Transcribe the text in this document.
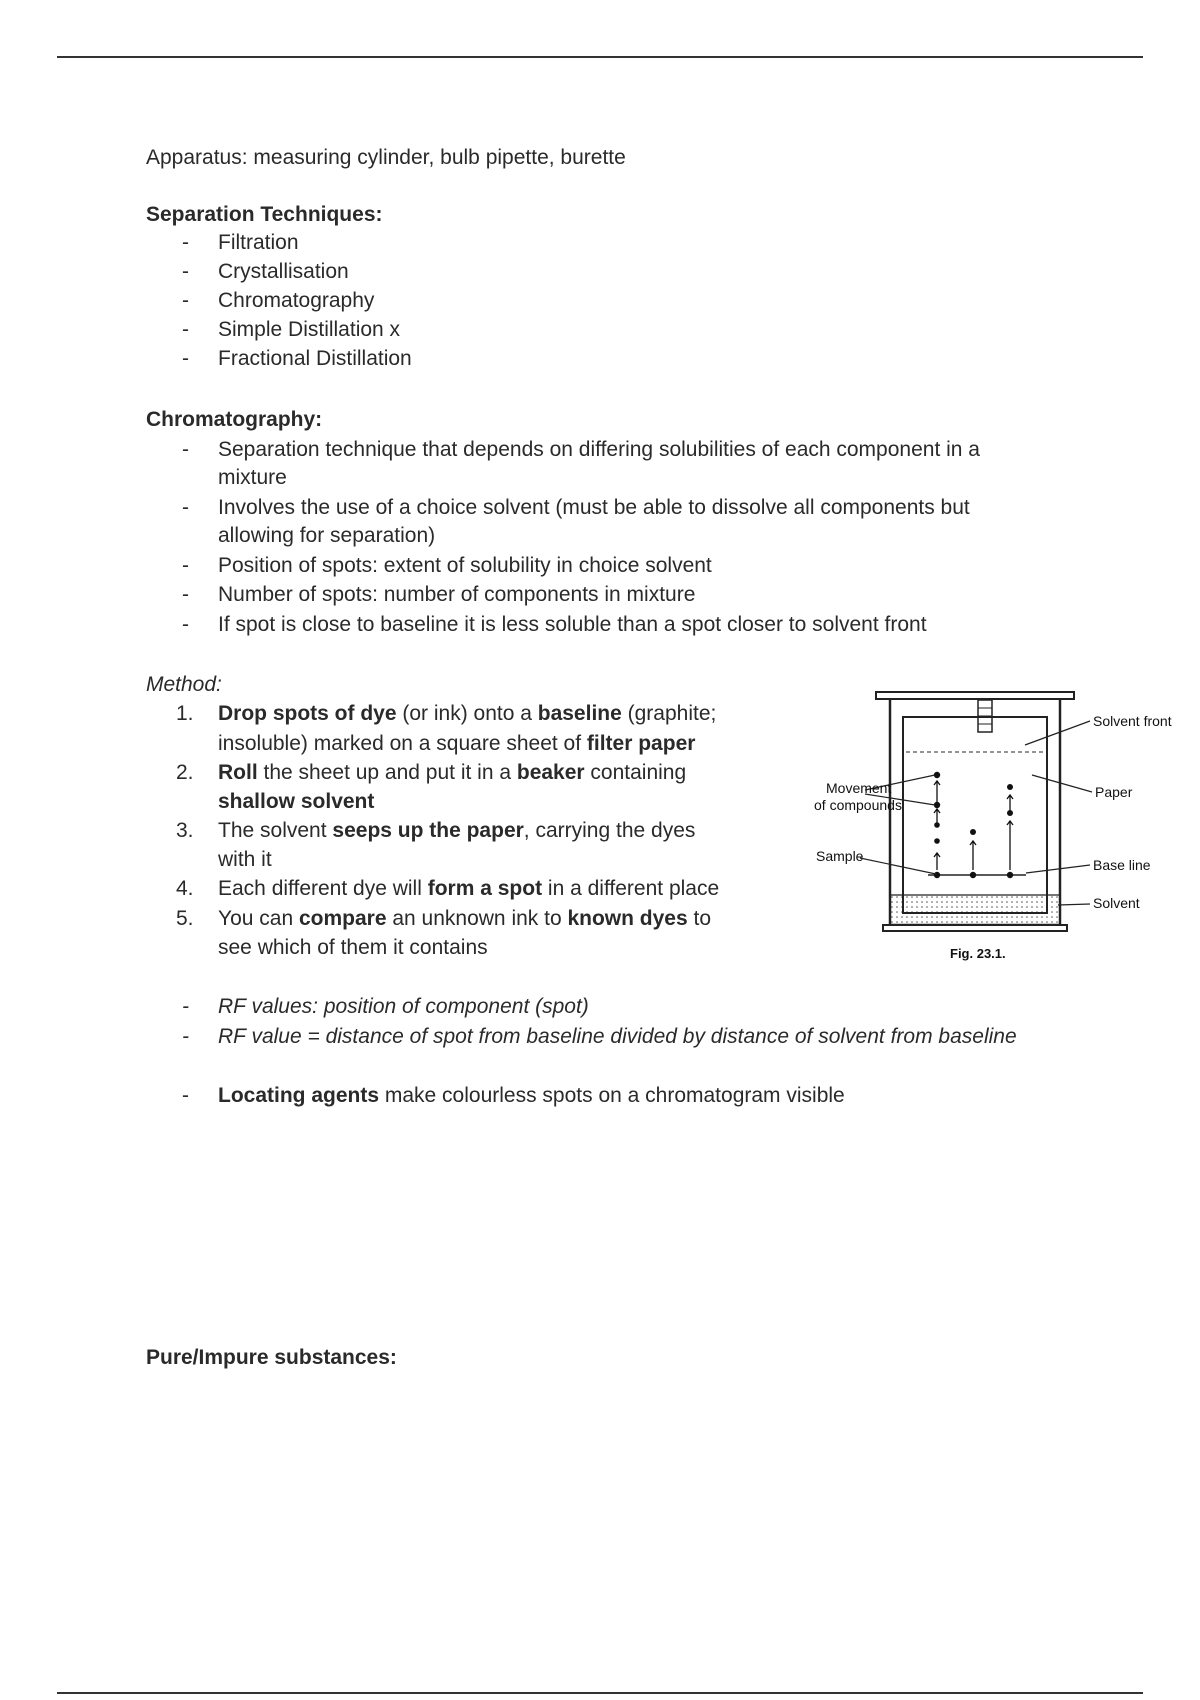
Apparatus: measuring cylinder, bulb pipette, burette
Separation Techniques:
-	Filtration
-	Crystallisation
-	Chromatography
-	Simple Distillation x
-	Fractional Distillation
Chromatography:
-	Separation technique that depends on differing solubilities of each component in a
mixture
-	Involves the use of a choice solvent (must be able to dissolve all components but
allowing for separation)
-	Position of spots: extent of solubility in choice solvent
-	Number of spots: number of components in mixture
-	If spot is close to baseline it is less soluble than a spot closer to solvent front
Method:
1.	Drop spots of dye (or ink) onto a baseline (graphite;
insoluble) marked on a square sheet of filter paper
2.	Roll the sheet up and put it in a beaker containing
shallow solvent
3.	The solvent seeps up the paper, carrying the dyes
with it
4.	Each different dye will form a spot in a different place
5.	You can compare an unknown ink to known dyes to
see which of them it contains
-	RF values: position of component (spot)
-	RF value = distance of spot from baseline divided by distance of solvent from baseline
-	Locating agents make colourless spots on a chromatogram visible
Pure/Impure substances:
Solvent front
Paper
Movement
of compounds
Sample
Base line
Solvent
Fig. 23.1.
